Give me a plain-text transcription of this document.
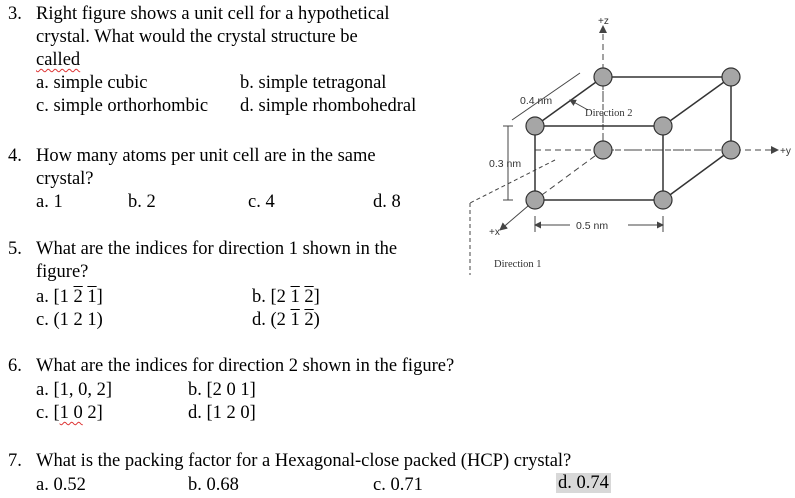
3. Right figure shows a unit cell for a hypothetical
crystal. What would the crystal structure be
called
a. simple cubic	b. simple tetragonal
c. simple orthorhombic d. simple rhombohedral
4. How many atoms per unit cell are in the same
crystal?
a. 1	b. 2	c. 4	d. 8
5. What are the indices for direction 1 shown in the
figure?
a. [1 2 1]	b. [2 1 2]
c. (1 2 1)	d. (2 1 2)
6. What are the indices for direction 2 shown in the figure?
a. [1, 0, 2]	b. [2 0 1]
c. [1 0 2]	d. [1 2 0]
7. What is the packing factor for a Hexagonal-close packed (HCP) crystal?
a. 0.52	b. 0.68	c. 0.71	d. 0.74
+z
+y
+x
0.4 nm
0.3 nm
0.5 nm
Direction 2
Direction 1
